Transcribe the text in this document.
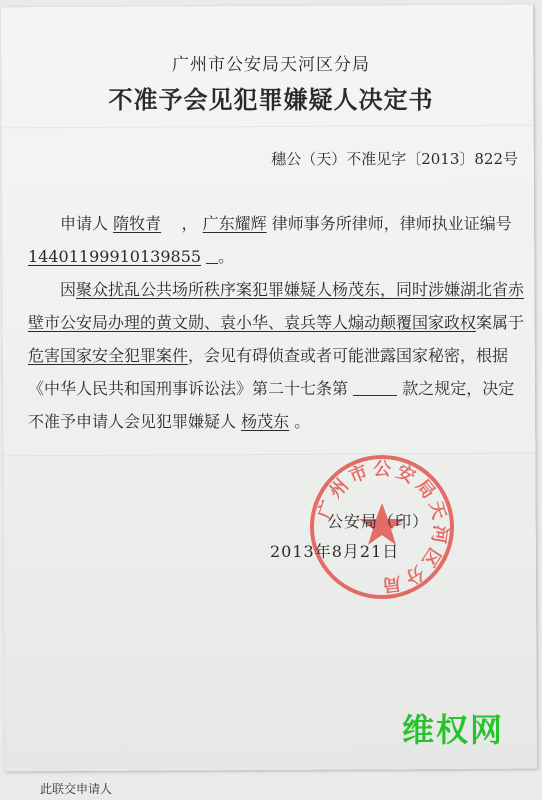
广州市公安局天河区分局
不准予会见犯罪嫌疑人决定书
穗公（天）不准见字〔2013〕822号
申请人 隋牧青 ， 广东耀辉 律师事务所律师，律师执业证编号 14401199910139855 。
因聚众扰乱公共场所秩序案犯罪嫌疑人杨茂东，同时涉嫌湖北省赤壁市公安局办理的黄文勋、袁小华、袁兵等人煽动颠覆国家政权案属于危害国家安全犯罪案件，会见有碍侦查或者可能泄露国家秘密，根据《中华人民共和国刑事诉讼法》第二十七条第	款之规定，决定不准予申请人会见犯罪嫌疑人 杨茂东 。
广州市公安局天河区分局
公安局（印）
2013年8月21日
维权网
此联交申请人
